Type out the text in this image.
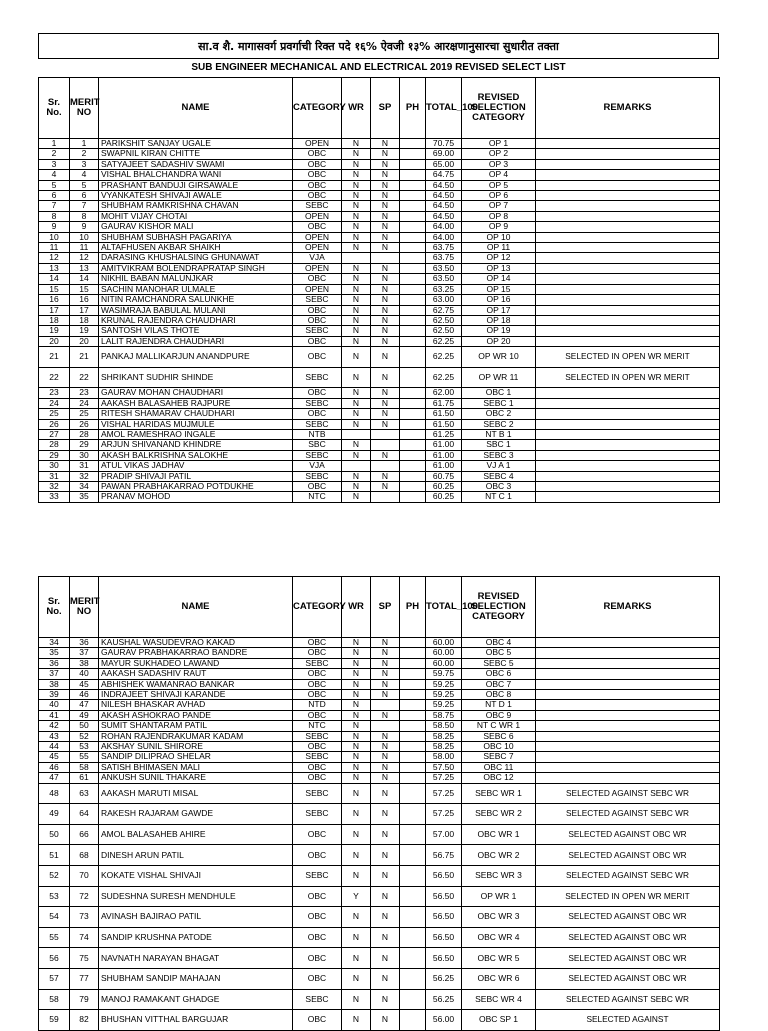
सा.व शै. मागासवर्ग प्रवर्गाची रिक्त पदे १६% ऐवजी १३% आरक्षणानुसारचा सुधारीत तक्ता
SUB ENGINEER MECHANICAL AND ELECTRICAL 2019 REVISED SELECT LIST
Sr. No.	MERIT NO	NAME	CATEGORY	WR	SP	PH	TOTAL_100	REVISED SELECTION CATEGORY	REMARKS
1	1	PARIKSHIT SANJAY UGALE	OPEN	N	N		70.75	OP 1	
2	2	SWAPNIL KIRAN CHITTE	OBC	N	N		69.00	OP 2	
3	3	SATYAJEET SADASHIV SWAMI	OBC	N	N		65.00	OP 3	
4	4	VISHAL BHALCHANDRA WANI	OBC	N	N		64.75	OP 4	
5	5	PRASHANT BANDUJI GIRSAWALE	OBC	N	N		64.50	OP 5	
6	6	VYANKATESH SHIVAJI AWALE	OBC	N	N		64.50	OP 6	
7	7	SHUBHAM RAMKRISHNA CHAVAN	SEBC	N	N		64.50	OP 7	
8	8	MOHIT VIJAY CHOTAI	OPEN	N	N		64.50	OP 8	
9	9	GAURAV KISHOR MALI	OBC	N	N		64.00	OP 9	
10	10	SHUBHAM SUBHASH PAGARIYA	OPEN	N	N		64.00	OP 10	
11	11	ALTAFHUSEN AKBAR SHAIKH	OPEN	N	N		63.75	OP 11	
12	12	DARASING KHUSHALSING GHUNAWAT	VJA				63.75	OP 12	
13	13	AMITVIKRAM BOLENDRAPRATAP SINGH	OPEN	N	N		63.50	OP 13	
14	14	NIKHIL BABAN MALUNJKAR	OBC	N	N		63.50	OP 14	
15	15	SACHIN MANOHAR ULMALE	OPEN	N	N		63.25	OP 15	
16	16	NITIN RAMCHANDRA SALUNKHE	SEBC	N	N		63.00	OP 16	
17	17	WASIMRAJA BABULAL MULANI	OBC	N	N		62.75	OP 17	
18	18	KRUNAL RAJENDRA CHAUDHARI	OBC	N	N		62.50	OP 18	
19	19	SANTOSH VILAS THOTE	SEBC	N	N		62.50	OP 19	
20	20	LALIT RAJENDRA CHAUDHARI	OBC	N	N		62.25	OP 20	
21	21	PANKAJ MALLIKARJUN ANANDPURE	OBC	N	N		62.25	OP WR 10	SELECTED IN OPEN WR MERIT
22	22	SHRIKANT SUDHIR SHINDE	SEBC	N	N		62.25	OP WR 11	SELECTED IN OPEN WR MERIT
23	23	GAURAV MOHAN CHAUDHARI	OBC	N	N		62.00	OBC 1	
24	24	AAKASH BALASAHEB RAJPURE	SEBC	N	N		61.75	SEBC 1	
25	25	RITESH SHAMARAV CHAUDHARI	OBC	N	N		61.50	OBC 2	
26	26	VISHAL HARIDAS MUJMULE	SEBC	N	N		61.50	SEBC 2	
27	28	AMOL RAMESHRAO INGALE	NTB				61.25	NT B 1	
28	29	ARJUN SHIVANAND KHINDRE	SBC	N			61.00	SBC 1	
29	30	AKASH BALKRISHNA SALOKHE	SEBC	N	N		61.00	SEBC 3	
30	31	ATUL VIKAS JADHAV	VJA				61.00	VJ A 1	
31	32	PRADIP SHIVAJI PATIL	SEBC	N	N		60.75	SEBC 4	
32	34	PAWAN PRABHAKARRAO POTDUKHE	OBC	N	N		60.25	OBC 3	
33	35	PRANAV MOHOD	NTC	N			60.25	NT C 1	
Sr. No.	MERIT NO	NAME	CATEGORY	WR	SP	PH	TOTAL_100	REVISED SELECTION CATEGORY	REMARKS
34	36	KAUSHAL WASUDEVRAO KAKAD	OBC	N	N		60.00	OBC 4	
35	37	GAURAV PRABHAKARRAO BANDRE	OBC	N	N		60.00	OBC 5	
36	38	MAYUR SUKHADEO LAWAND	SEBC	N	N		60.00	SEBC 5	
37	40	AAKASH SADASHIV RAUT	OBC	N	N		59.75	OBC 6	
38	45	ABHISHEK WAMANRAO BANKAR	OBC	N	N		59.25	OBC 7	
39	46	INDRAJEET SHIVAJI KARANDE	OBC	N	N		59.25	OBC 8	
40	47	NILESH BHASKAR AVHAD	NTD	N			59.25	NT D 1	
41	49	AKASH ASHOKRAO PANDE	OBC	N	N		58.75	OBC 9	
42	50	SUMIT SHANTARAM PATIL	NTC	N			58.50	NT C WR 1	
43	52	ROHAN RAJENDRAKUMAR KADAM	SEBC	N	N		58.25	SEBC 6	
44	53	AKSHAY SUNIL SHIRORE	OBC	N	N		58.25	OBC 10	
45	55	SANDIP DILIPRAO SHELAR	SEBC	N	N		58.00	SEBC 7	
46	58	SATISH BHIMASEN MALI	OBC	N	N		57.50	OBC 11	
47	61	ANKUSH SUNIL THAKARE	OBC	N	N		57.25	OBC 12	
48	63	AAKASH MARUTI MISAL	SEBC	N	N		57.25	SEBC WR 1	SELECTED AGAINST SEBC WR
49	64	RAKESH RAJARAM GAWDE	SEBC	N	N		57.25	SEBC WR 2	SELECTED AGAINST SEBC WR
50	66	AMOL BALASAHEB AHIRE	OBC	N	N		57.00	OBC WR 1	SELECTED AGAINST OBC WR
51	68	DINESH ARUN PATIL	OBC	N	N		56.75	OBC WR 2	SELECTED AGAINST OBC WR
52	70	KOKATE VISHAL SHIVAJI	SEBC	N	N		56.50	SEBC WR 3	SELECTED AGAINST SEBC WR
53	72	SUDESHNA SURESH MENDHULE	OBC	Y	N		56.50	OP WR 1	SELECTED IN OPEN WR MERIT
54	73	AVINASH BAJIRAO PATIL	OBC	N	N		56.50	OBC WR 3	SELECTED AGAINST OBC WR
55	74	SANDIP KRUSHNA PATODE	OBC	N	N		56.50	OBC WR 4	SELECTED AGAINST OBC WR
56	75	NAVNATH NARAYAN BHAGAT	OBC	N	N		56.50	OBC WR 5	SELECTED AGAINST OBC WR
57	77	SHUBHAM SANDIP MAHAJAN	OBC	N	N		56.25	OBC WR 6	SELECTED AGAINST OBC WR
58	79	MANOJ RAMAKANT GHADGE	SEBC	N	N		56.25	SEBC WR 4	SELECTED AGAINST SEBC WR
59	82	BHUSHAN VITTHAL BARGUJAR	OBC	N	N		56.00	OBC SP 1	SELECTED AGAINST
